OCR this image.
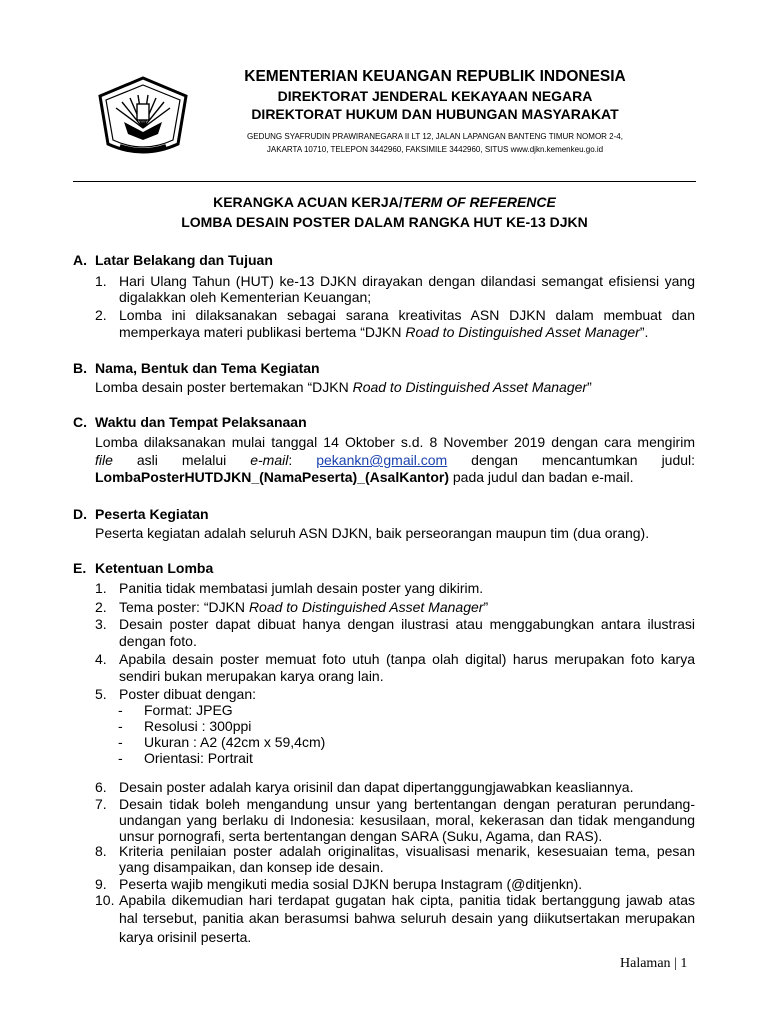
KEMENTERIAN KEUANGAN REPUBLIK INDONESIA
DIREKTORAT JENDERAL KEKAYAAN NEGARA
DIREKTORAT HUKUM DAN HUBUNGAN MASYARAKAT
GEDUNG SYAFRUDIN PRAWIRANEGARA II LT 12, JALAN LAPANGAN BANTENG TIMUR NOMOR 2-4,
JAKARTA 10710, TELEPON 3442960, FAKSIMILE 3442960, SITUS www.djkn.kemenkeu.go.id
KERANGKA ACUAN KERJA/TERM OF REFERENCE
LOMBA DESAIN POSTER DALAM RANGKA HUT KE-13 DJKN
A. Latar Belakang dan Tujuan
1. Hari Ulang Tahun (HUT) ke-13 DJKN dirayakan dengan dilandasi semangat efisiensi yang
digalakkan oleh Kementerian Keuangan;
2. Lomba ini dilaksanakan sebagai sarana kreativitas ASN DJKN dalam membuat dan
memperkaya materi publikasi bertema “DJKN Road to Distinguished Asset Manager”.
B. Nama, Bentuk dan Tema Kegiatan
Lomba desain poster bertemakan “DJKN Road to Distinguished Asset Manager”
C. Waktu dan Tempat Pelaksanaan
Lomba dilaksanakan mulai tanggal 14 Oktober s.d. 8 November 2019 dengan cara mengirim
file asli melalui e-mail: pekankn@gmail.com dengan mencantumkan judul:
LombaPosterHUTDJKN_(NamaPeserta)_(AsalKantor) pada judul dan badan e-mail.
D. Peserta Kegiatan
Peserta kegiatan adalah seluruh ASN DJKN, baik perseorangan maupun tim (dua orang).
E. Ketentuan Lomba
1. Panitia tidak membatasi jumlah desain poster yang dikirim.
2. Tema poster: “DJKN Road to Distinguished Asset Manager”
3. Desain poster dapat dibuat hanya dengan ilustrasi atau menggabungkan antara ilustrasi
dengan foto.
4. Apabila desain poster memuat foto utuh (tanpa olah digital) harus merupakan foto karya
sendiri bukan merupakan karya orang lain.
5. Poster dibuat dengan:
- Format: JPEG
- Resolusi : 300ppi
- Ukuran : A2 (42cm x 59,4cm)
- Orientasi: Portrait
6. Desain poster adalah karya orisinil dan dapat dipertanggungjawabkan keasliannya.
7. Desain tidak boleh mengandung unsur yang bertentangan dengan peraturan perundang-
undangan yang berlaku di Indonesia: kesusilaan, moral, kekerasan dan tidak mengandung
unsur pornografi, serta bertentangan dengan SARA (Suku, Agama, dan RAS).
8. Kriteria penilaian poster adalah originalitas, visualisasi menarik, kesesuaian tema, pesan
yang disampaikan, dan konsep ide desain.
9. Peserta wajib mengikuti media sosial DJKN berupa Instagram (@ditjenkn).
10. Apabila dikemudian hari terdapat gugatan hak cipta, panitia tidak bertanggung jawab atas
hal tersebut, panitia akan berasumsi bahwa seluruh desain yang diikutsertakan merupakan
karya orisinil peserta.
Halaman | 1
